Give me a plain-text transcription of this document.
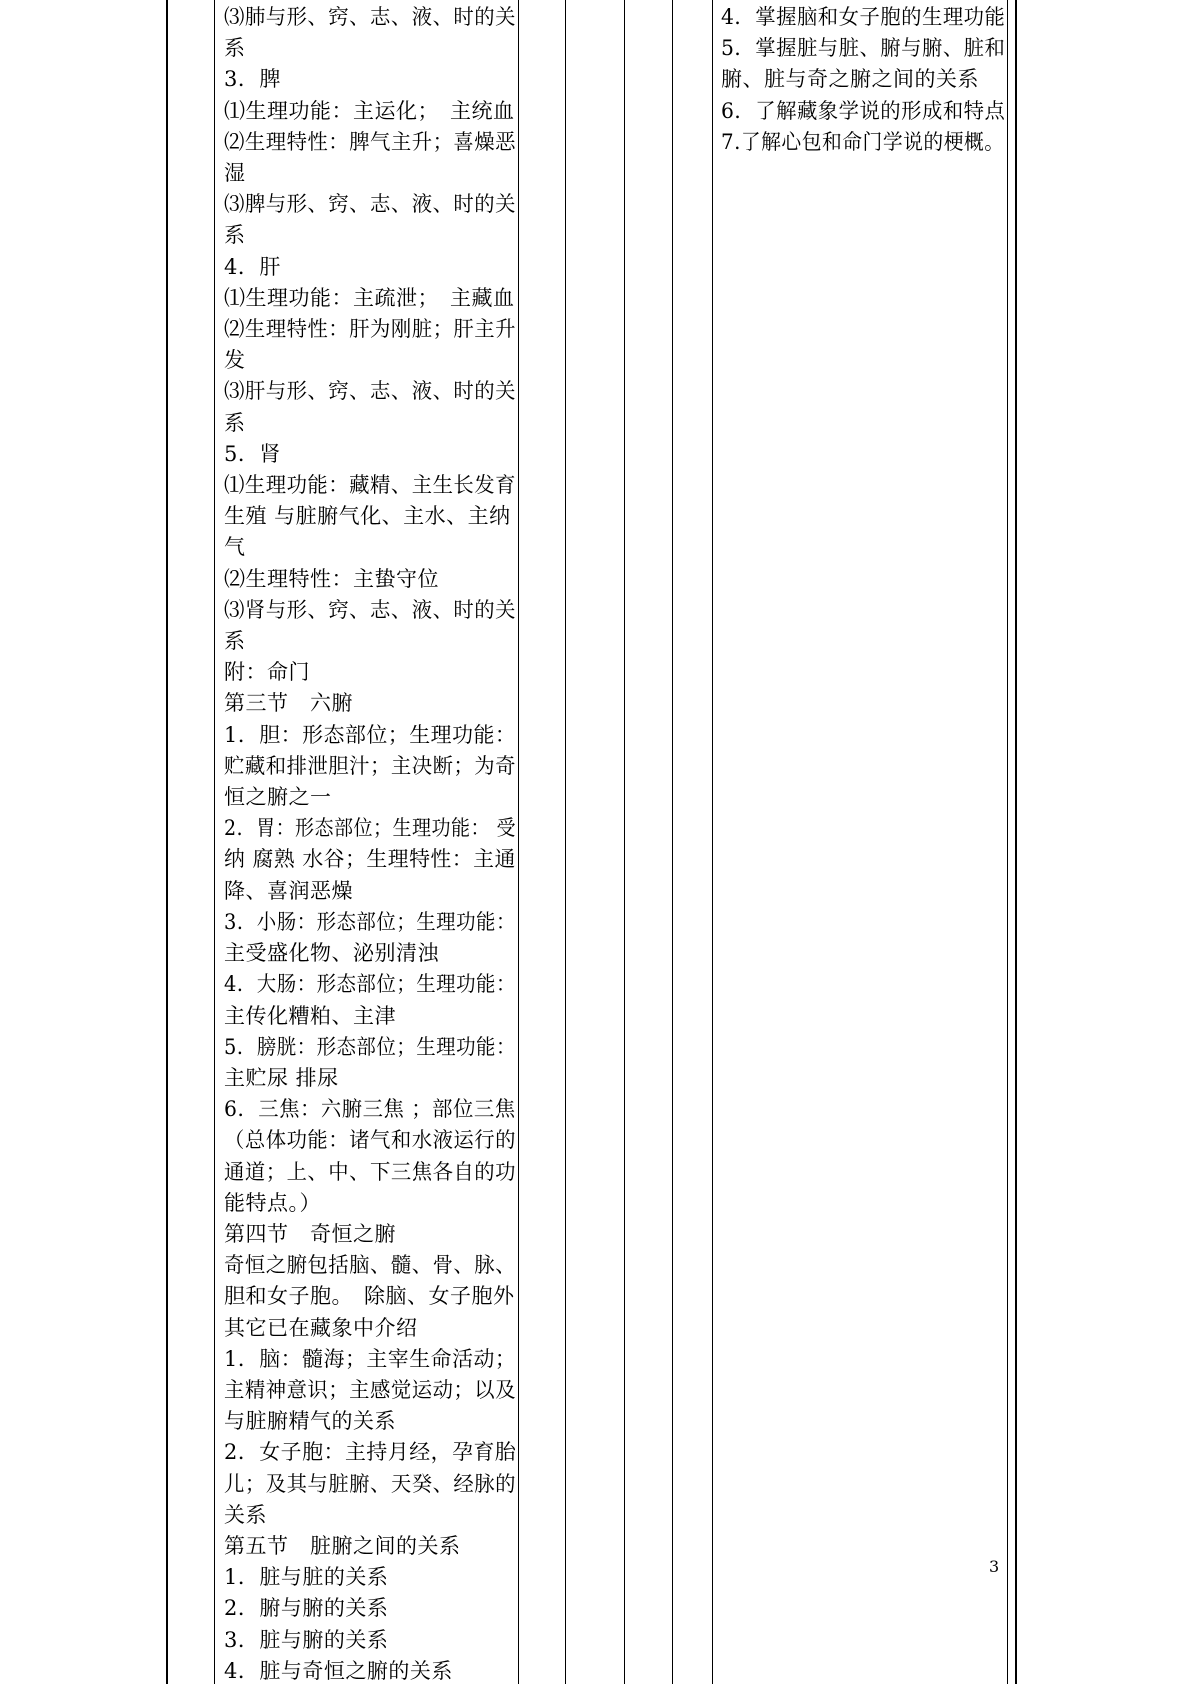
⑶肺与形、窍、志、液、时的关
系
3．脾
⑴生理功能：主运化；　主统血
⑵生理特性：脾气主升；喜燥恶
湿
⑶脾与形、窍、志、液、时的关
系
4．肝
⑴生理功能：主疏泄；　主藏血
⑵生理特性：肝为刚脏；肝主升
发
⑶肝与形、窍、志、液、时的关
系
5．肾
⑴生理功能：藏精、主生长发育
生殖 与脏腑气化、主水、主纳
气
⑵生理特性：主蛰守位
⑶肾与形、窍、志、液、时的关
系
附：命门
第三节　六腑
1．胆：形态部位；生理功能：
贮藏和排泄胆汁；主决断；为奇
恒之腑之一
2．胃：形态部位；生理功能： 受
纳 腐熟 水谷；生理特性：主通
降、喜润恶燥
3．小肠：形态部位；生理功能：
主受盛化物、泌别清浊
4．大肠：形态部位；生理功能：
主传化糟粕、主津
5．膀胱：形态部位；生理功能：
主贮尿 排尿
6．三焦：六腑三焦 ；部位三焦
（总体功能：诸气和水液运行的
通道；上、中、下三焦各自的功
能特点。）
第四节　奇恒之腑
奇恒之腑包括脑、髓、骨、脉、
胆和女子胞。　除脑、女子胞外
其它已在藏象中介绍
1．脑：髓海；主宰生命活动；
主精神意识；主感觉运动；以及
与脏腑精气的关系
2．女子胞：主持月经，孕育胎
儿；及其与脏腑、天癸、经脉的
关系
第五节　脏腑之间的关系
1．脏与脏的关系
2．腑与腑的关系
3．脏与腑的关系
4．脏与奇恒之腑的关系
4．掌握脑和女子胞的生理功能
5．掌握脏与脏、腑与腑、脏和
腑、脏与奇之腑之间的关系
6．了解藏象学说的形成和特点
7.了解心包和命门学说的梗概。
3
